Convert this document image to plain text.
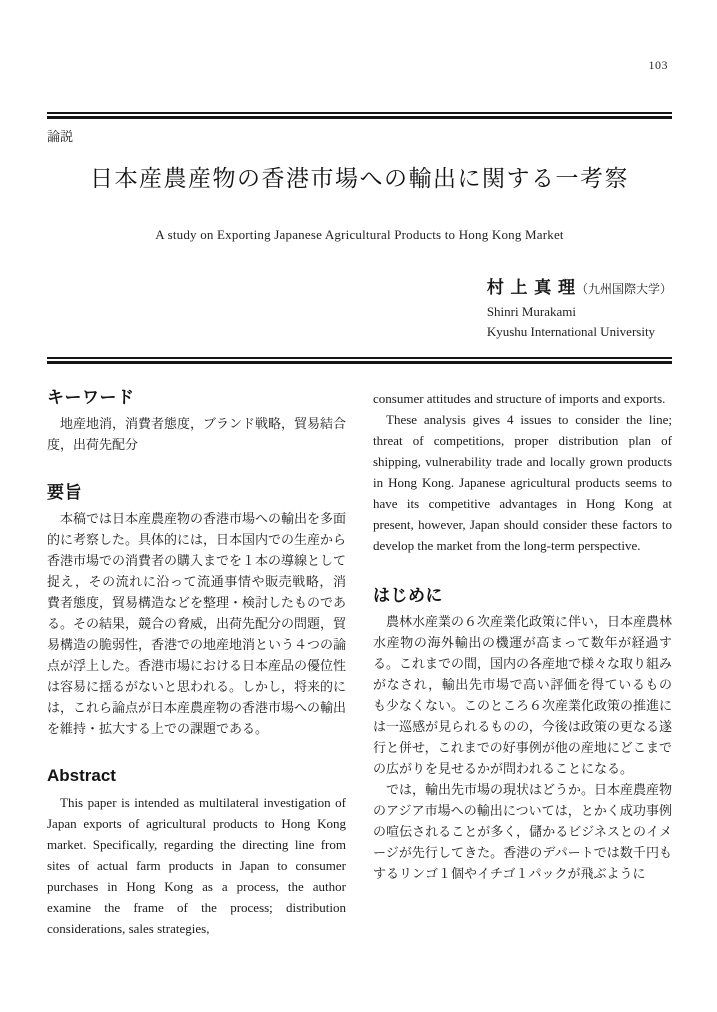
103
論説
日本産農産物の香港市場への輸出に関する一考察
A study on Exporting Japanese Agricultural Products to Hong Kong Market
村 上 真 理（九州国際大学）
Shinri Murakami
Kyushu International University
キーワード

地産地消，消費者態度，ブランド戦略，貿易結合度，出荷先配分

要旨

本稿では日本産農産物の香港市場への輸出を多面的に考察した。具体的には，日本国内での生産から香港市場での消費者の購入までを１本の導線として捉え，その流れに沿って流通事情や販売戦略，消費者態度，貿易構造などを整理・検討したものである。その結果，競合の脅威，出荷先配分の問題，貿易構造の脆弱性，香港での地産地消という４つの論点が浮上した。香港市場における日本産品の優位性は容易に揺るがないと思われる。しかし，将来的には，これら論点が日本産農産物の香港市場への輸出を維持・拡大する上での課題である。

Abstract

This paper is intended as multilateral investigation of Japan exports of agricultural products to Hong Kong market. Specifically, regarding the directing line from sites of actual farm products in Japan to consumer purchases in Hong Kong as a process, the author examine the frame of the process; distribution considerations, sales strategies,

consumer attitudes and structure of imports and exports.

These analysis gives 4 issues to consider the line; threat of competitions, proper distribution plan of shipping, vulnerability trade and locally grown products in Hong Kong. Japanese agricultural products seems to have its competitive advantages in Hong Kong at present, however, Japan should consider these factors to develop the market from the long-term perspective.

はじめに

農林水産業の６次産業化政策に伴い，日本産農林水産物の海外輸出の機運が高まって数年が経過する。これまでの間，国内の各産地で様々な取り組みがなされ，輸出先市場で高い評価を得ているものも少なくない。このところ６次産業化政策の推進には一巡感が見られるものの，今後は政策の更なる遂行と併せ，これまでの好事例が他の産地にどこまでの広がりを見せるかが問われることになる。

では，輸出先市場の現状はどうか。日本産農産物のアジア市場への輸出については，とかく成功事例の喧伝されることが多く，儲かるビジネスとのイメージが先行してきた。香港のデパートでは数千円もするリンゴ１個やイチゴ１パックが飛ぶように
